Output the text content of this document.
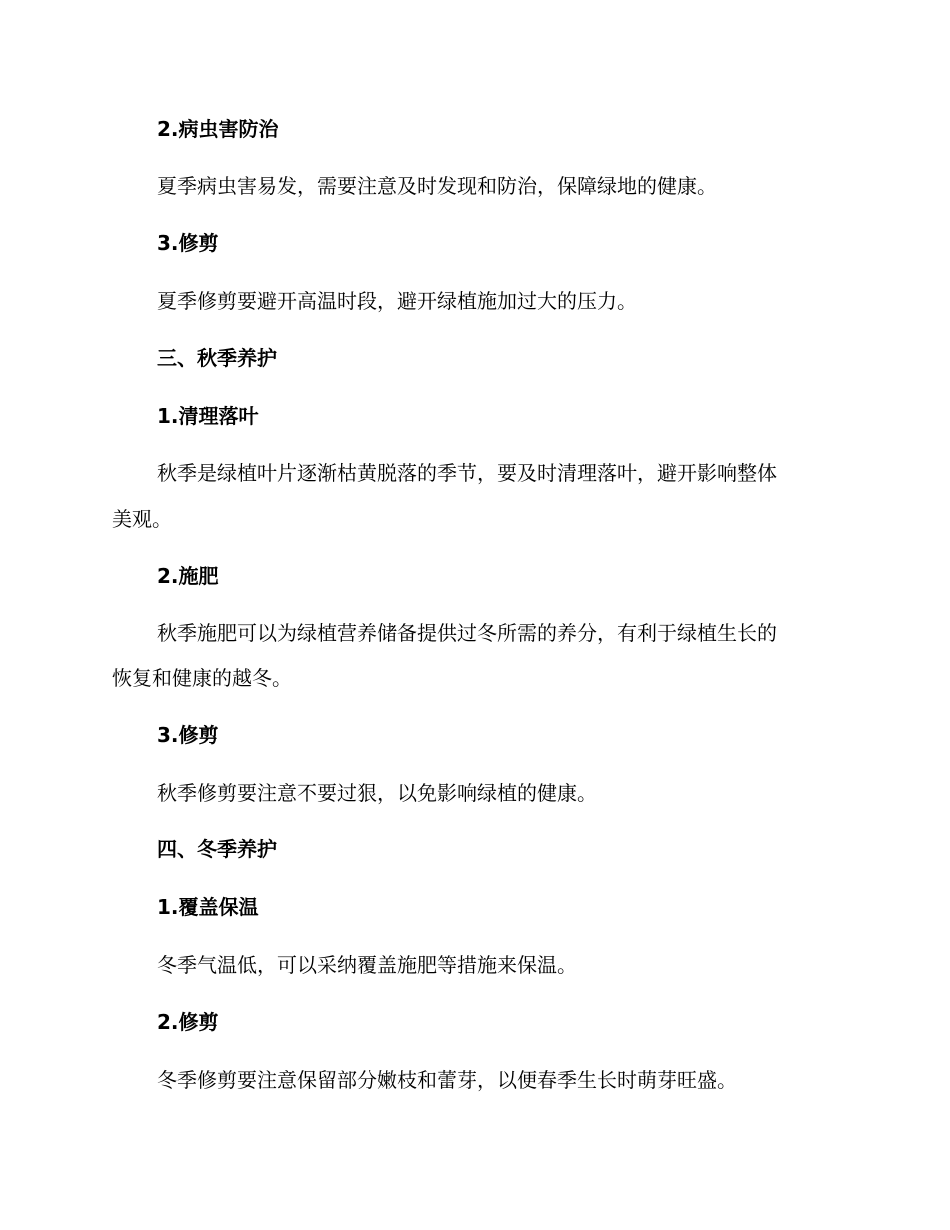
2.病虫害防治

夏季病虫害易发，需要注意及时发现和防治，保障绿地的健康。

3.修剪

夏季修剪要避开高温时段，避开绿植施加过大的压力。

三、秋季养护

1.清理落叶

秋季是绿植叶片逐渐枯黄脱落的季节，要及时清理落叶，避开影响整体

美观。

2.施肥

秋季施肥可以为绿植营养储备提供过冬所需的养分，有利于绿植生长的

恢复和健康的越冬。

3.修剪

秋季修剪要注意不要过狠，以免影响绿植的健康。

四、冬季养护

1.覆盖保温

冬季气温低，可以采纳覆盖施肥等措施来保温。

2.修剪

冬季修剪要注意保留部分嫩枝和蕾芽，以便春季生长时萌芽旺盛。
